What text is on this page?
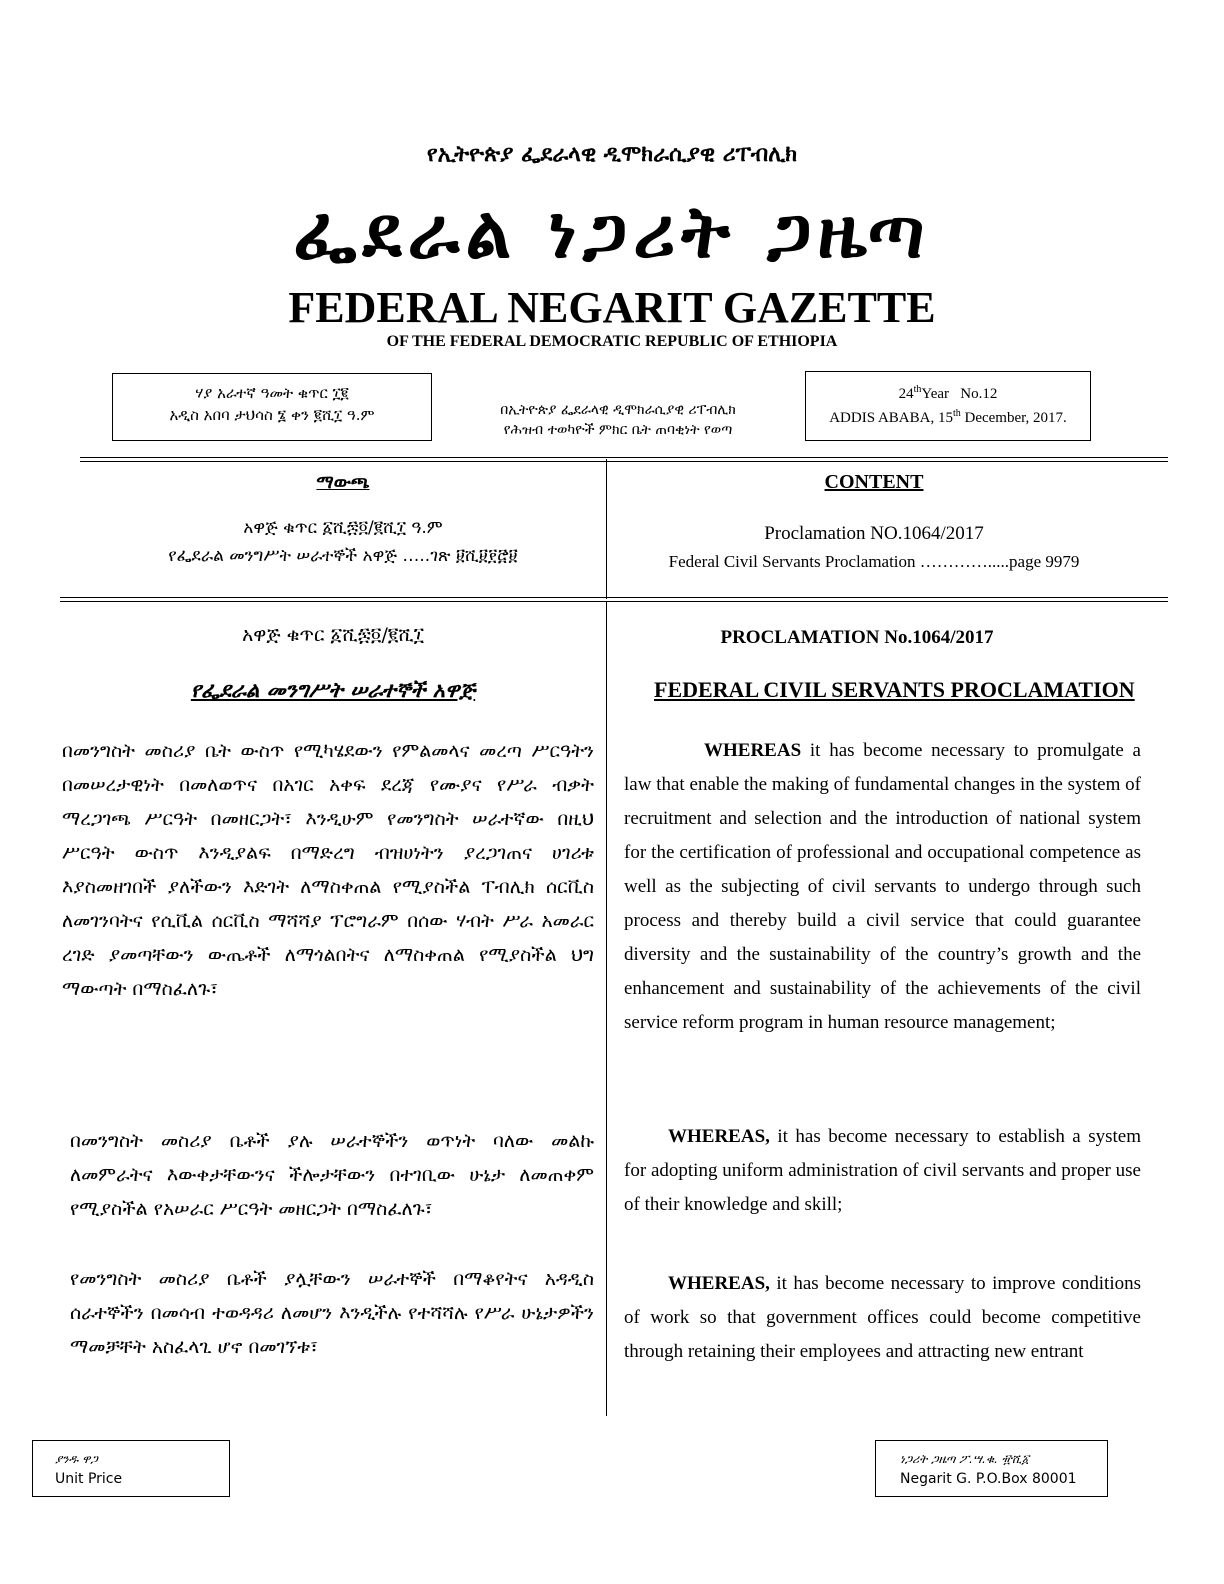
የኢትዮጵያ ፌደራላዊ ዲሞክራሲያዊ ሪፐብሊክ
ፌደራል ነጋሪት ጋዜጣ
FEDERAL NEGARIT GAZETTE
OF THE FEDERAL DEMOCRATIC REPUBLIC OF ETHIOPIA
ሃያ አራተኛ ዓመት ቁጥር ፲፪
አዲስ አበባ ታህሳስ ፮ ቀን ፪ሺ፲ ዓ.ም	በኢትዮጵያ ፌደራላዊ ዲሞክራሲያዊ ሪፐብሊክ
የሕዝብ ተወካዮች ምክር ቤት ጠባቂነት የወጣ
24thYear No.12
ADDIS ABABA, 15th December, 2017.
ማውጫ
አዋጅ ቁጥር ፩ሺ፷፬/፪ሺ፲ ዓ.ም
የፌደራል መንግሥት ሠራተኞች አዋጅ …..ገጽ ፱ሺ፱፻፸፱
CONTENT
Proclamation NO.1064/2017
Federal Civil Servants Proclamation ………….....page 9979
አዋጅ ቁጥር ፩ሺ፷፬/፪ሺ፲
የፌደራል መንግሥት ሠራተኞች አዋጅ
PROCLAMATION No.1064/2017
FEDERAL CIVIL SERVANTS PROCLAMATION
በመንግስት መስሪያ ቤት ውስጥ የሚካሄደውን የምልመላና መረጣ ሥርዓትን በመሠረታዊነት በመለወጥና በአገር አቀፍ ደረጃ የሙያና የሥራ ብቃት ማረጋገጫ ሥርዓት በመዘርጋት፣ እንዲሁም የመንግስት ሠራተኛው በዚህ ሥርዓት ውስጥ እንዲያልፍ በማድረግ ብዝሀነትን ያረጋገጠና ሀገሪቱ እያስመዘገበች ያለችውን እድገት ለማስቀጠል የሚያስችል ፐብሊክ ሰርቪስ ለመገንባትና የሲቪል ሰርቪስ ማሻሻያ ፕሮግራም በሰው ሃብት ሥራ አመራር ረገድ ያመጣቸውን ውጤቶች ለማጎልበትና ለማስቀጠል የሚያስችል ህግ ማውጣት በማስፈለጉ፣
በመንግስት መስሪያ ቤቶች ያሉ ሠራተኞችን ወጥነት ባለው መልኩ ለመምራትና እውቀታቸውንና ችሎታቸውን በተገቢው ሁኔታ ለመጠቀም የሚያስችል የአሠራር ሥርዓት መዘርጋት በማስፈለጉ፣
የመንግስት መስሪያ ቤቶች ያሏቸውን ሠራተኞች በማቆየትና አዳዲስ ሰራተኞችን በመሳብ ተወዳዳሪ ለመሆን እንዲችሉ የተሻሻሉ የሥራ ሁኔታዎችን ማመቻቸት አስፈላጊ ሆኖ በመገኘቱ፣
WHEREAS it has become necessary to promulgate a law that enable the making of fundamental changes in the system of recruitment and selection and the introduction of national system for the certification of professional and occupational competence as well as the subjecting of civil servants to undergo through such process and thereby build a civil service that could guarantee diversity and the sustainability of the country’s growth and the enhancement and sustainability of the achievements of the civil service reform program in human resource management;
WHEREAS, it has become necessary to establish a system for adopting uniform administration of civil servants and proper use of their knowledge and skill;
WHEREAS, it has become necessary to improve conditions of work so that government offices could become competitive through retaining their employees and attracting new entrant
ያንዱ ዋጋ
Unit Price
ነጋሪት ጋዜጣ ፖ.ሣ.ቁ. ፹ሺ፩
Negarit G. P.O.Box 80001
